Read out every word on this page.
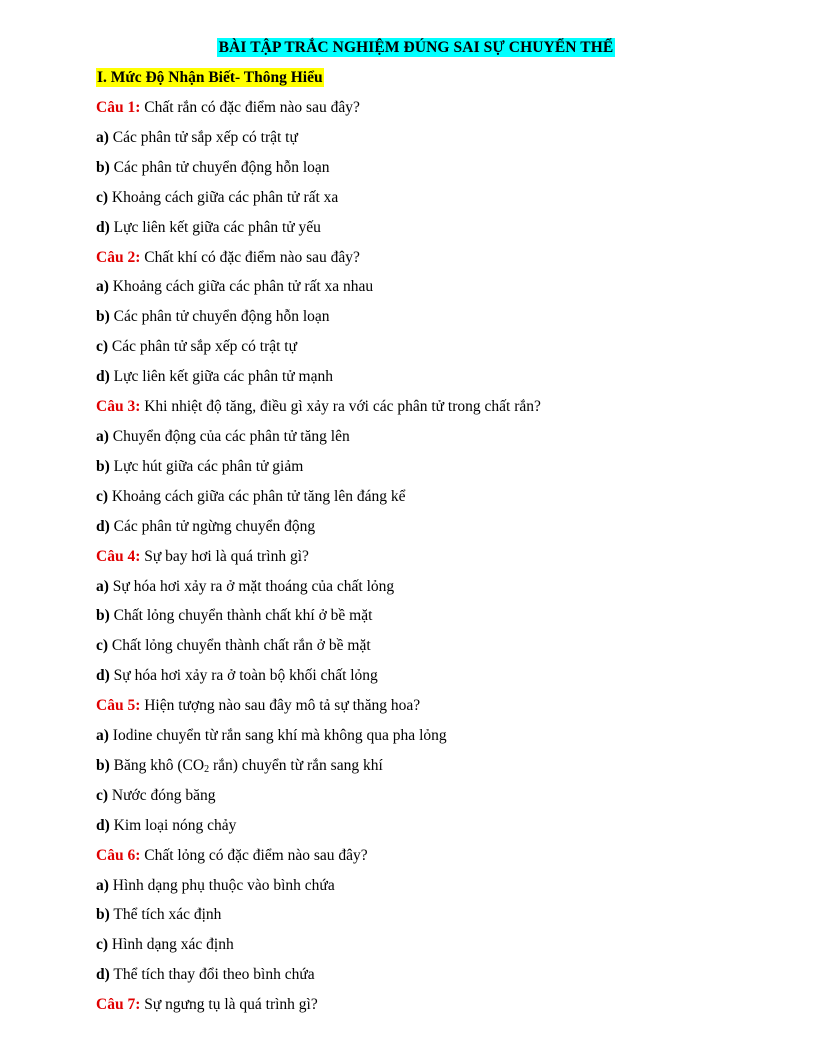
BÀI TẬP TRẮC NGHIỆM ĐÚNG SAI SỰ CHUYỂN THỂ
I. Mức Độ Nhận Biết- Thông Hiểu
Câu 1: Chất rắn có đặc điểm nào sau đây?
a) Các phân tử sắp xếp có trật tự
b) Các phân tử chuyển động hỗn loạn
c) Khoảng cách giữa các phân tử rất xa
d) Lực liên kết giữa các phân tử yếu
Câu 2: Chất khí có đặc điểm nào sau đây?
a) Khoảng cách giữa các phân tử rất xa nhau
b) Các phân tử chuyển động hỗn loạn
c) Các phân tử sắp xếp có trật tự
d) Lực liên kết giữa các phân tử mạnh
Câu 3: Khi nhiệt độ tăng, điều gì xảy ra với các phân tử trong chất rắn?
a) Chuyển động của các phân tử tăng lên
b) Lực hút giữa các phân tử giảm
c) Khoảng cách giữa các phân tử tăng lên đáng kể
d) Các phân tử ngừng chuyển động
Câu 4: Sự bay hơi là quá trình gì?
a) Sự hóa hơi xảy ra ở mặt thoáng của chất lỏng
b) Chất lỏng chuyển thành chất khí ở bề mặt
c) Chất lỏng chuyển thành chất rắn ở bề mặt
d) Sự hóa hơi xảy ra ở toàn bộ khối chất lỏng
Câu 5: Hiện tượng nào sau đây mô tả sự thăng hoa?
a) Iodine chuyển từ rắn sang khí mà không qua pha lỏng
b) Băng khô ($CO_2$ rắn) chuyển từ rắn sang khí
c) Nước đóng băng
d) Kim loại nóng chảy
Câu 6: Chất lỏng có đặc điểm nào sau đây?
a) Hình dạng phụ thuộc vào bình chứa
b) Thể tích xác định
c) Hình dạng xác định
d) Thể tích thay đổi theo bình chứa
Câu 7: Sự ngưng tụ là quá trình gì?
